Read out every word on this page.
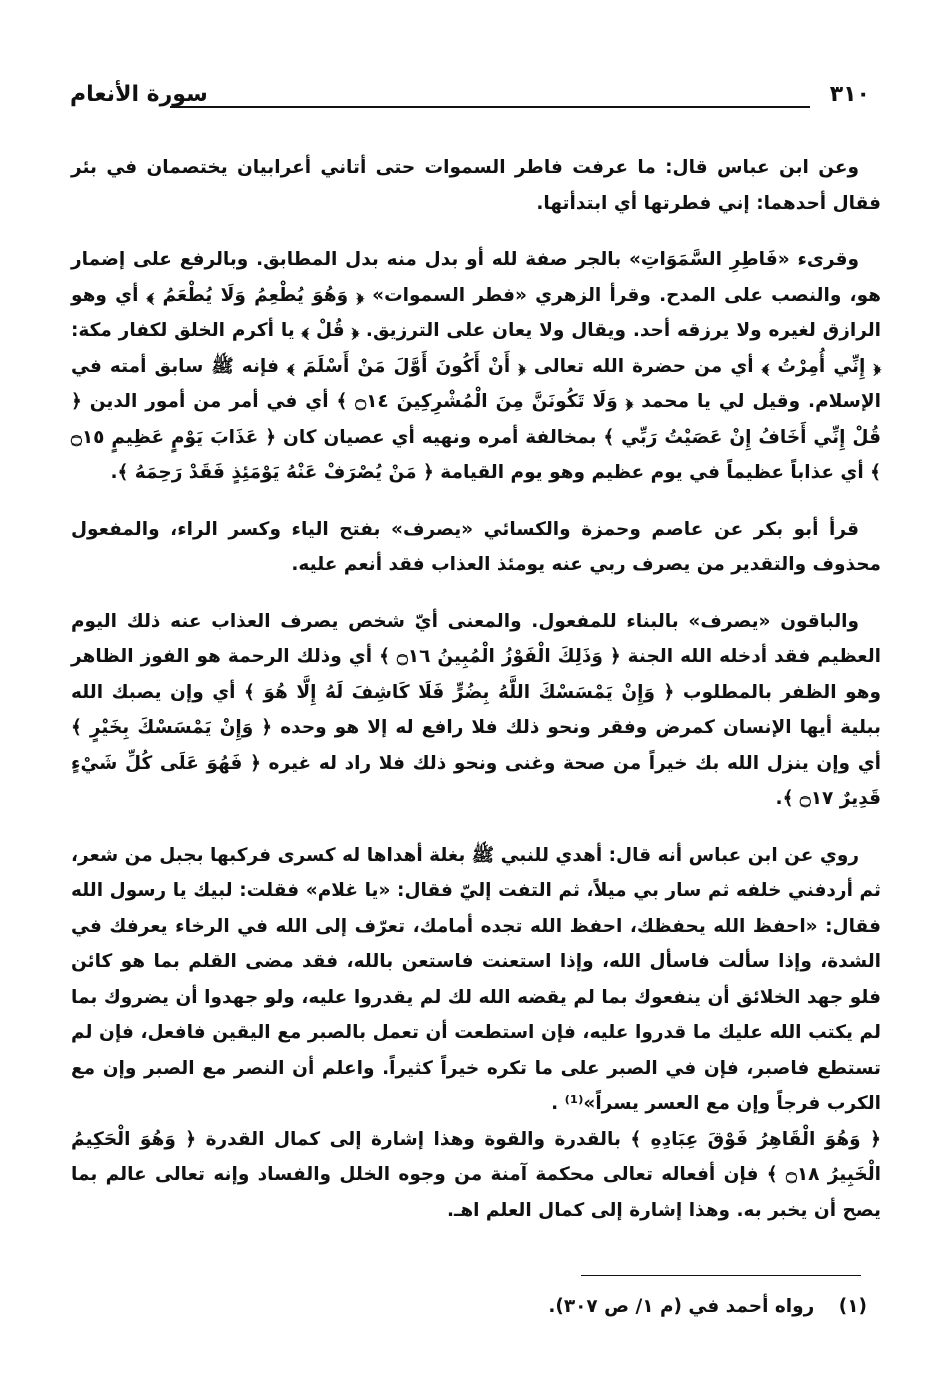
سورة الأنعام	٣١٠

وعن ابن عباس قال: ما عرفت فاطر السموات حتى أتاني أعرابيان يختصمان في بئر فقال أحدهما: إني فطرتها أي ابتدأتها.

وقرىء «فَاطِرِ السَّمَوَاتِ» بالجر صفة لله أو بدل منه بدل المطابق. وبالرفع على إضمار هو، والنصب على المدح. وقرأ الزهري «فطر السموات» ﴿ وَهُوَ يُطْعِمُ وَلَا يُطْعَمُ ﴾ أي وهو الرازق لغيره ولا يرزقه أحد. ويقال ولا يعان على الترزيق. ﴿ قُلْ ﴾ يا أكرم الخلق لكفار مكة: ﴿ إِنِّي أُمِرْتُ ﴾ أي من حضرة الله تعالى ﴿ أَنْ أَكُونَ أَوَّلَ مَنْ أَسْلَمَ ﴾ فإنه ﷺ سابق أمته في الإسلام. وقيل لي يا محمد ﴿ وَلَا تَكُونَنَّ مِنَ الْمُشْرِكِينَ ۝١٤ ﴾ أي في أمر من أمور الدين ﴿ قُلْ إِنِّي أَخَافُ إِنْ عَصَيْتُ رَبِّي ﴾ بمخالفة أمره ونهيه أي عصيان كان ﴿ عَذَابَ يَوْمٍ عَظِيمٍ ۝١٥ ﴾ أي عذاباً عظيماً في يوم عظيم وهو يوم القيامة ﴿ مَنْ يُصْرَفْ عَنْهُ يَوْمَئِذٍ فَقَدْ رَحِمَهُ ﴾.

قرأ أبو بكر عن عاصم وحمزة والكسائي «يصرف» بفتح الياء وكسر الراء، والمفعول محذوف والتقدير من يصرف ربي عنه يومئذ العذاب فقد أنعم عليه.

والباقون «يصرف» بالبناء للمفعول. والمعنى أيّ شخص يصرف العذاب عنه ذلك اليوم العظيم فقد أدخله الله الجنة ﴿ وَذَلِكَ الْفَوْزُ الْمُبِينُ ۝١٦ ﴾ أي وذلك الرحمة هو الفوز الظاهر وهو الظفر بالمطلوب ﴿ وَإِنْ يَمْسَسْكَ اللَّهُ بِضُرٍّ فَلَا كَاشِفَ لَهُ إِلَّا هُوَ ﴾ أي وإن يصبك الله ببلية أيها الإنسان كمرض وفقر ونحو ذلك فلا رافع له إلا هو وحده ﴿ وَإِنْ يَمْسَسْكَ بِخَيْرٍ ﴾ أي وإن ينزل الله بك خيراً من صحة وغنى ونحو ذلك فلا راد له غيره ﴿ فَهُوَ عَلَى كُلِّ شَيْءٍ قَدِيرٌ ۝١٧ ﴾.

روي عن ابن عباس أنه قال: أهدي للنبي ﷺ بغلة أهداها له كسرى فركبها بجبل من شعر، ثم أردفني خلفه ثم سار بي ميلاً، ثم التفت إليّ فقال: «يا غلام» فقلت: لبيك يا رسول الله فقال: «احفظ الله يحفظك، احفظ الله تجده أمامك، تعرّف إلى الله في الرخاء يعرفك في الشدة، وإذا سألت فاسأل الله، وإذا استعنت فاستعن بالله، فقد مضى القلم بما هو كائن فلو جهد الخلائق أن ينفعوك بما لم يقضه الله لك لم يقدروا عليه، ولو جهدوا أن يضروك بما لم يكتب الله عليك ما قدروا عليه، فإن استطعت أن تعمل بالصبر مع اليقين فافعل، فإن لم تستطع فاصبر، فإن في الصبر على ما تكره خيراً كثيراً. واعلم أن النصر مع الصبر وإن مع الكرب فرجاً وإن مع العسر يسراً»⁽¹⁾ .

﴿ وَهُوَ الْقَاهِرُ فَوْقَ عِبَادِهِ ﴾ بالقدرة والقوة وهذا إشارة إلى كمال القدرة ﴿ وَهُوَ الْحَكِيمُ الْخَبِيرُ ۝١٨ ﴾ فإن أفعاله تعالى محكمة آمنة من وجوه الخلل والفساد وإنه تعالى عالم بما يصح أن يخبر به. وهذا إشارة إلى كمال العلم اهـ.

(١) رواه أحمد في (م ١/ ص ٣٠٧).
